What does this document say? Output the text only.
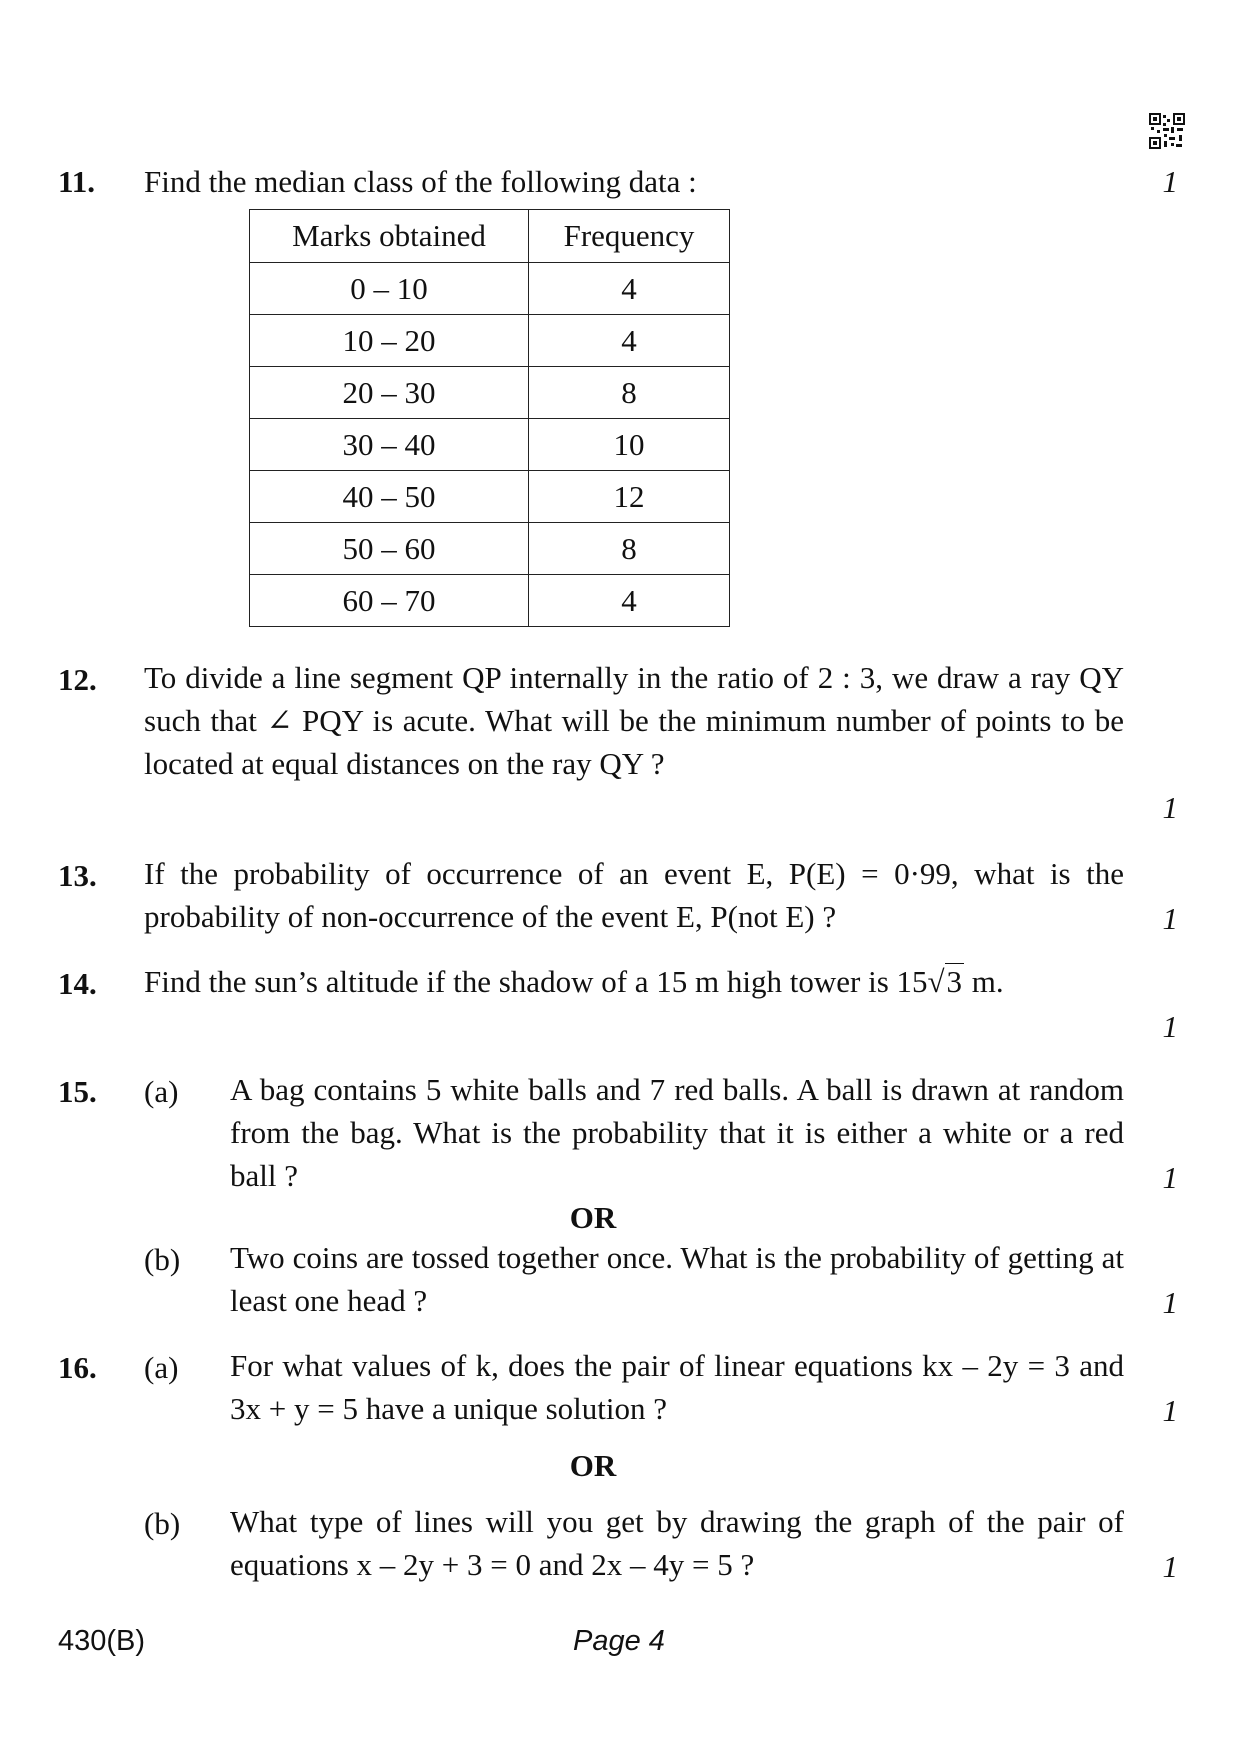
11. Find the median class of the following data :	1
Marks obtained	Frequency
0 – 10	4
10 – 20	4
20 – 30	8
30 – 40	10
40 – 50	12
50 – 60	8
60 – 70	4
12. To divide a line segment QP internally in the ratio of 2 : 3, we draw a ray QY such that ∠ PQY is acute. What will be the minimum number of points to be located at equal distances on the ray QY ?
1
13. If the probability of occurrence of an event E, P(E) = 0·99, what is the probability of non-occurrence of the event E, P(not E) ?	1
14. Find the sun’s altitude if the shadow of a 15 m high tower is 15√3 m.
1
15. (a) A bag contains 5 white balls and 7 red balls. A ball is drawn at random from the bag. What is the probability that it is either a white or a red ball ?	1
OR
(b) Two coins are tossed together once. What is the probability of getting at least one head ?	1
16. (a) For what values of k, does the pair of linear equations kx – 2y = 3 and 3x + y = 5 have a unique solution ?	1
OR
(b) What type of lines will you get by drawing the graph of the pair of equations x – 2y + 3 = 0 and 2x – 4y = 5 ?	1
430(B)	Page 4
